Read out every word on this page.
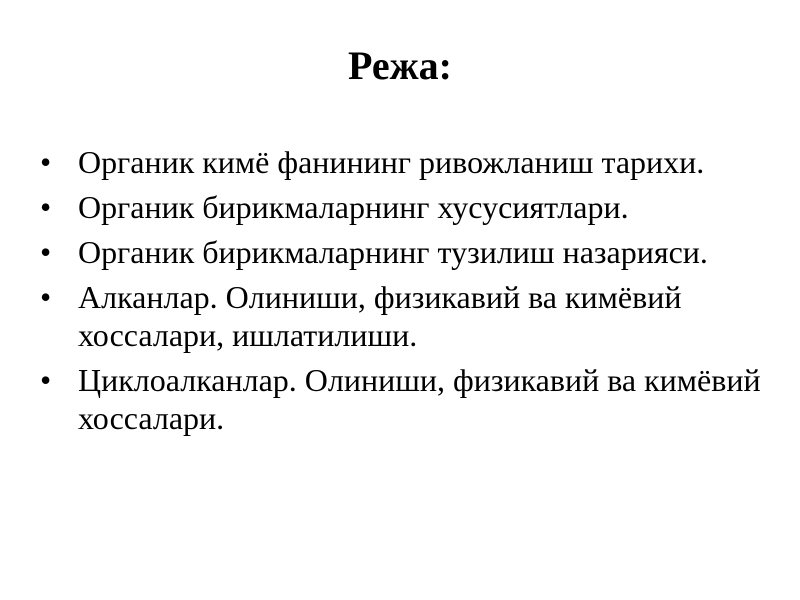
Режа:
• Органик кимё фанининг ривожланиш тарихи.
• Органик бирикмаларнинг хусусиятлари.
• Органик бирикмаларнинг тузилиш назарияси.
• Алканлар. Олиниши, физикавий ва кимёвий хоссалари, ишлатилиши.
• Циклоалканлар. Олиниши, физикавий ва кимёвий хоссалари.
